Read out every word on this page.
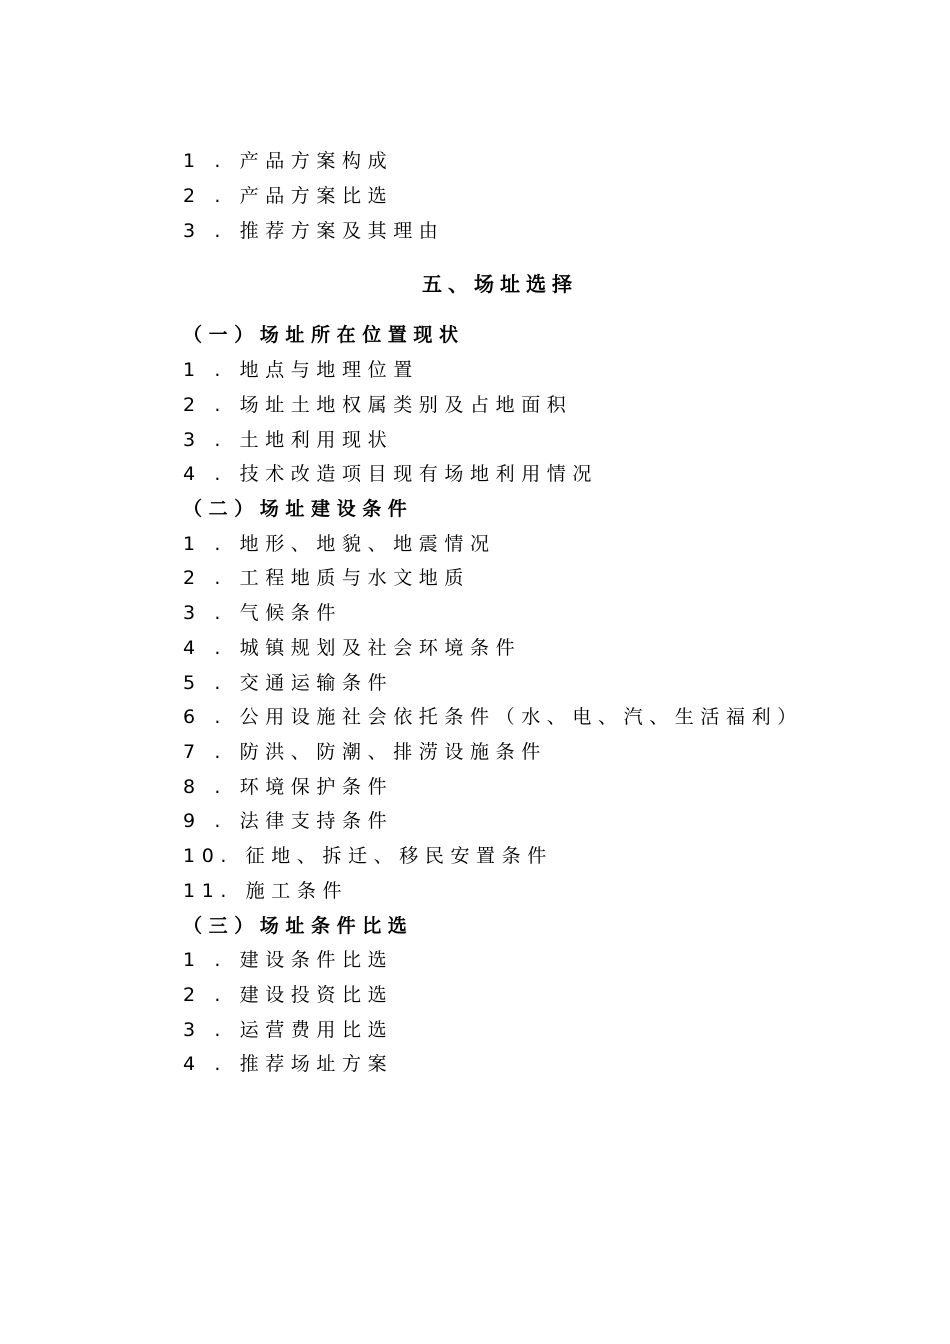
1 . 产品方案构成
2 . 产品方案比选
3 . 推荐方案及其理由
五、场址选择
（一）场址所在位置现状
1 . 地点与地理位置
2 . 场址土地权属类别及占地面积
3 . 土地利用现状
4 . 技术改造项目现有场地利用情况
（二）场址建设条件
1 . 地形、地貌、地震情况
2 . 工程地质与水文地质
3 . 气候条件
4 . 城镇规划及社会环境条件
5 . 交通运输条件
6 . 公用设施社会依托条件（水、电、汽、生活福利）
7 . 防洪、防潮、排涝设施条件
8 . 环境保护条件
9 . 法律支持条件
10. 征地、拆迁、移民安置条件
11. 施工条件
（三）场址条件比选
1 . 建设条件比选
2 . 建设投资比选
3 . 运营费用比选
4 . 推荐场址方案
